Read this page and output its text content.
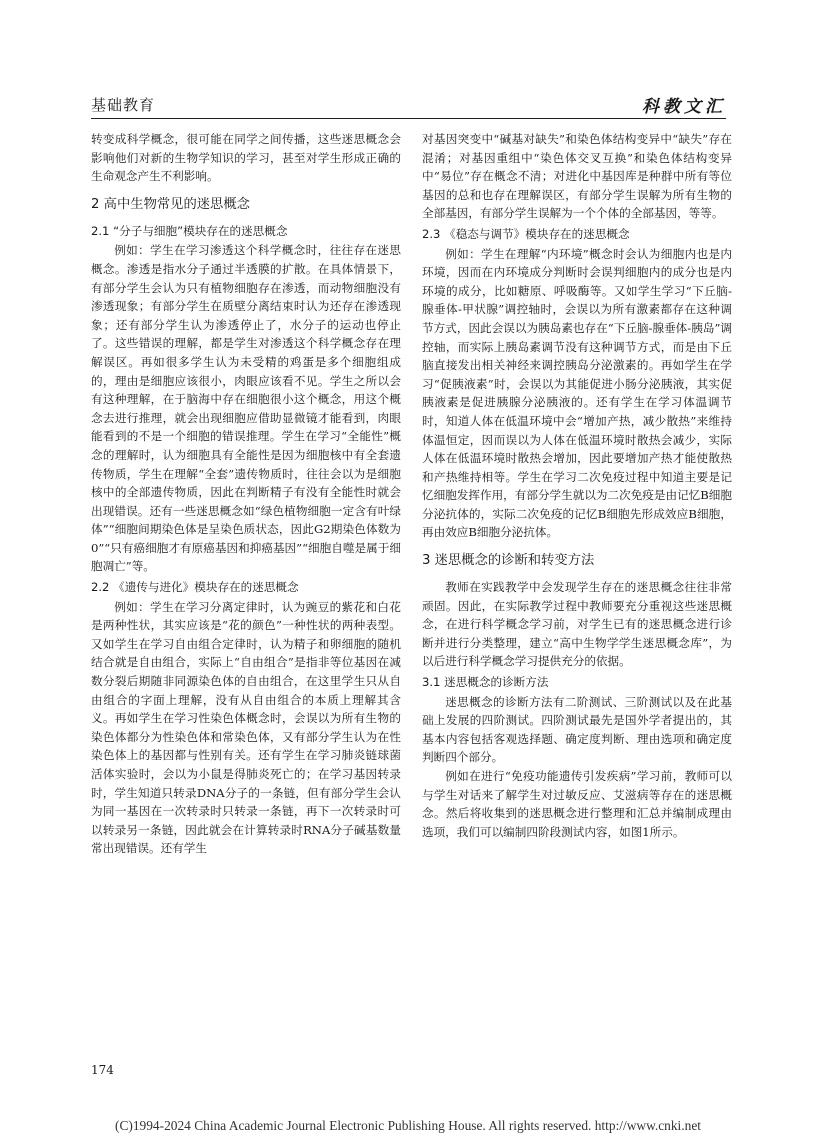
基础教育	科教文汇

转变成科学概念，很可能在同学之间传播，这些迷思概念会影响他们对新的生物学知识的学习，甚至对学生形成正确的生命观念产生不利影响。

2 高中生物常见的迷思概念
2.1 “分子与细胞”模块存在的迷思概念

例如：学生在学习渗透这个科学概念时，往往存在迷思概念。渗透是指水分子通过半透膜的扩散。在具体情景下，有部分学生会认为只有植物细胞存在渗透，而动物细胞没有渗透现象；有部分学生在质壁分离结束时认为还存在渗透现象；还有部分学生认为渗透停止了，水分子的运动也停止了。这些错误的理解，都是学生对渗透这个科学概念存在理解误区。再如很多学生认为未受精的鸡蛋是多个细胞组成的，理由是细胞应该很小，肉眼应该看不见。学生之所以会有这种理解，在于脑海中存在细胞很小这个概念，用这个概念去进行推理，就会出现细胞应借助显微镜才能看到，肉眼能看到的不是一个细胞的错误推理。学生在学习“全能性”概念的理解时，认为细胞具有全能性是因为细胞核中有全套遗传物质，学生在理解“全套”遗传物质时，往往会以为是细胞核中的全部遗传物质，因此在判断精子有没有全能性时就会出现错误。还有一些迷思概念如“绿色植物细胞一定含有叶绿体”“细胞间期染色体是呈染色质状态，因此G2期染色体数为0”“只有癌细胞才有原癌基因和抑癌基因”“细胞自噬是属于细胞凋亡”等。

2.2 《遗传与进化》模块存在的迷思概念

例如：学生在学习分离定律时，认为豌豆的紫花和白花是两种性状，其实应该是“花的颜色”一种性状的两种表型。又如学生在学习自由组合定律时，认为精子和卵细胞的随机结合就是自由组合，实际上“自由组合”是指非等位基因在减数分裂后期随非同源染色体的自由组合，在这里学生只从自由组合的字面上理解，没有从自由组合的本质上理解其含义。再如学生在学习性染色体概念时，会误以为所有生物的染色体都分为性染色体和常染色体，又有部分学生认为在性染色体上的基因都与性别有关。还有学生在学习肺炎链球菌活体实验时，会以为小鼠是得肺炎死亡的；在学习基因转录时，学生知道只转录DNA分子的一条链，但有部分学生会认为同一基因在一次转录时只转录一条链，再下一次转录时可以转录另一条链，因此就会在计算转录时RNA分子碱基数量常出现错误。还有学生

对基因突变中“碱基对缺失”和染色体结构变异中“缺失”存在混淆；对基因重组中“染色体交叉互换”和染色体结构变异中“易位”存在概念不清；对进化中基因库是种群中所有等位基因的总和也存在理解误区，有部分学生误解为所有生物的全部基因，有部分学生误解为一个个体的全部基因，等等。

2.3 《稳态与调节》模块存在的迷思概念

例如：学生在理解“内环境”概念时会认为细胞内也是内环境，因而在内环境成分判断时会误判细胞内的成分也是内环境的成分，比如糖原、呼吸酶等。又如学生学习“下丘脑-腺垂体-甲状腺”调控轴时，会误以为所有激素都存在这种调节方式，因此会误以为胰岛素也存在“下丘脑-腺垂体-胰岛”调控轴，而实际上胰岛素调节没有这种调节方式，而是由下丘脑直接发出相关神经来调控胰岛分泌激素的。再如学生在学习“促胰液素”时，会误以为其能促进小肠分泌胰液，其实促胰液素是促进胰腺分泌胰液的。还有学生在学习体温调节时，知道人体在低温环境中会“增加产热，减少散热”来维持体温恒定，因而误以为人体在低温环境时散热会减少，实际人体在低温环境时散热会增加，因此要增加产热才能使散热和产热维持相等。学生在学习二次免疫过程中知道主要是记忆细胞发挥作用，有部分学生就以为二次免疫是由记忆B细胞分泌抗体的，实际二次免疫的记忆B细胞先形成效应B细胞，再由效应B细胞分泌抗体。

3 迷思概念的诊断和转变方法

教师在实践教学中会发现学生存在的迷思概念往往非常顽固。因此，在实际教学过程中教师要充分重视这些迷思概念，在进行科学概念学习前，对学生已有的迷思概念进行诊断并进行分类整理，建立“高中生物学学生迷思概念库”，为以后进行科学概念学习提供充分的依据。

3.1 迷思概念的诊断方法

迷思概念的诊断方法有二阶测试、三阶测试以及在此基础上发展的四阶测试。四阶测试最先是国外学者提出的，其基本内容包括客观选择题、确定度判断、理由选项和确定度判断四个部分。

例如在进行“免疫功能遗传引发疾病”学习前，教师可以与学生对话来了解学生对过敏反应、艾滋病等存在的迷思概念。然后将收集到的迷思概念进行整理和汇总并编制成理由选项，我们可以编制四阶段测试内容，如图1所示。

174
(C)1994-2024 China Academic Journal Electronic Publishing House. All rights reserved. http://www.cnki.net
